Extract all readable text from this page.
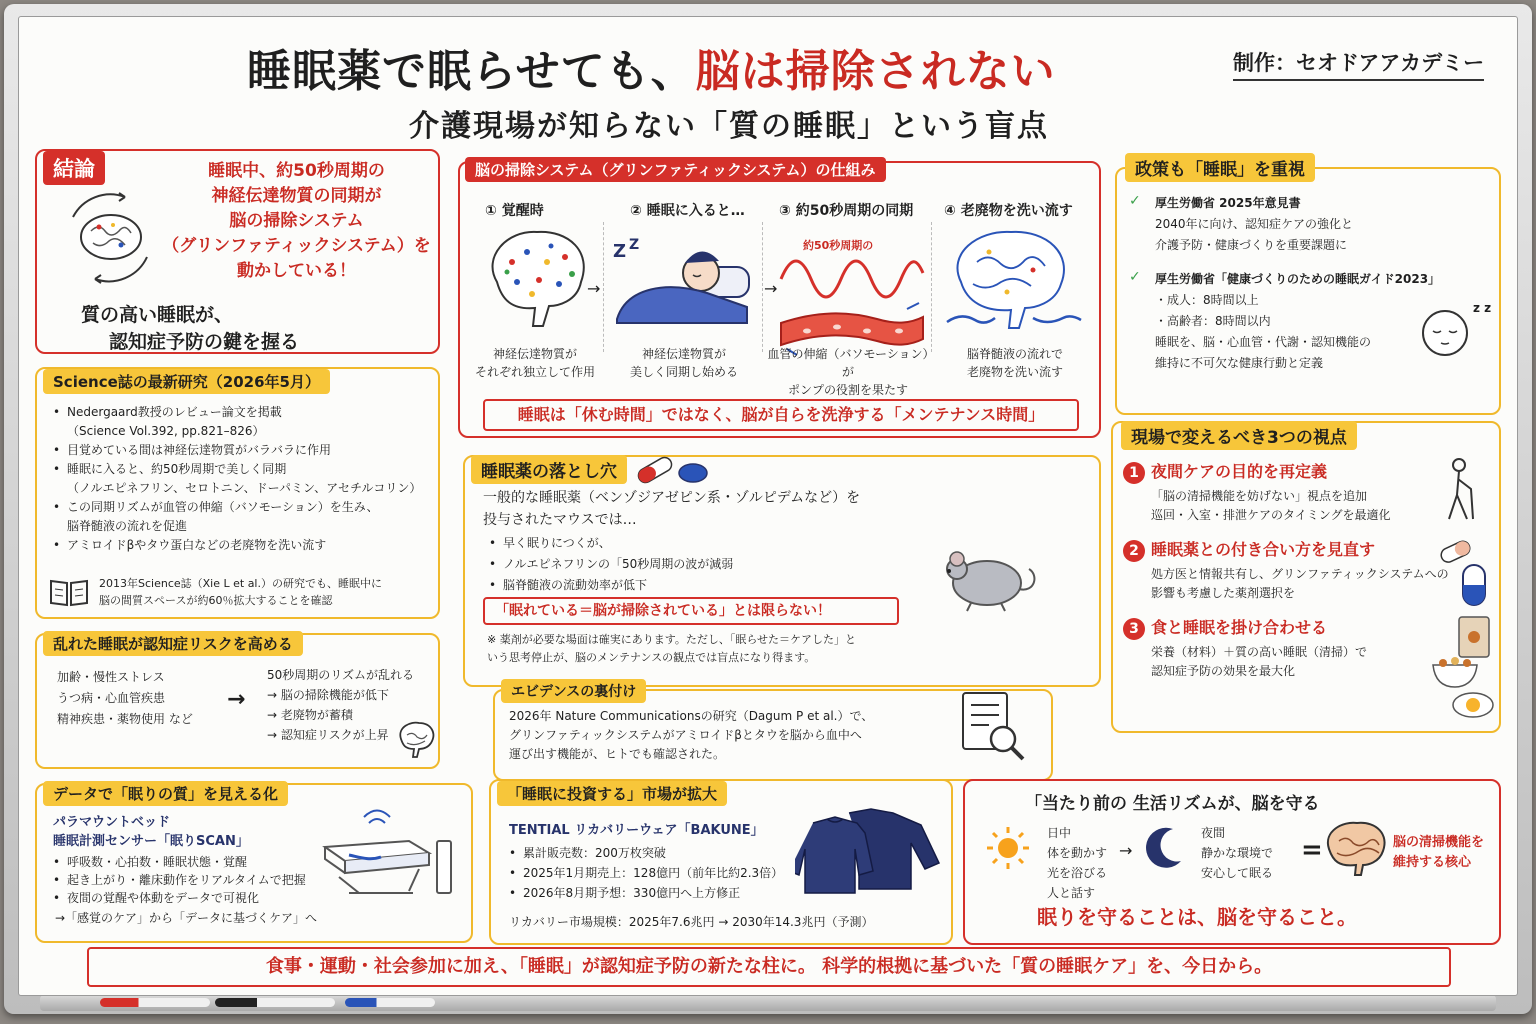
睡眠薬で眠らせても、脳は掃除されない	制作：セオドアアカデミー
介護現場が知らない「質の睡眠」という盲点
結論	睡眠中、約50秒周期の
神経伝達物質の同期が
脳の掃除システム
（グリンファティックシステム）を
動かしている！
質の高い睡眠が、
認知症予防の鍵を握る
脳の掃除システム（グリンファティックシステム）の仕組み
① 覚醒時	② 睡眠に入ると… ③ 約50秒周期の同期 ④ 老廃物を洗い流す
→
Z Z
→
約50秒周期の
神経伝達物質が
それぞれ独立して作用
神経伝達物質が
美しく同期し始める
血管の伸縮（バソモーション）が
ポンプの役割を果たす
脳脊髄液の流れで
老廃物を洗い流す
睡眠は「休む時間」ではなく、脳が自らを洗浄する「メンテナンス時間」
政策も「睡眠」を重視
✓ 厚生労働省 2025年意見書
2040年に向け、認知症ケアの強化と
介護予防・健康づくりを重要課題に
✓ 厚生労働省「健康づくりのための睡眠ガイド2023」
・成人：8時間以上
・高齢者：8時間以内
睡眠を、脳・心血管・代謝・認知機能の
維持に不可欠な健康行動と定義
z z
Science誌の最新研究（2026年5月）
• Nedergaard教授のレビュー論文を掲載
（Science Vol.392, pp.821–826）
• 目覚めている間は神経伝達物質がバラバラに作用
• 睡眠に入ると、約50秒周期で美しく同期
（ノルエピネフリン、セロトニン、ドーパミン、アセチルコリン）
• この同期リズムが血管の伸縮（バソモーション）を生み、
脳脊髄液の流れを促進
• アミロイドβやタウ蛋白などの老廃物を洗い流す
2013年Science誌（Xie L et al.）の研究でも、睡眠中に
脳の間質スペースが約60％拡大することを確認
乱れた睡眠が認知症リスクを高める
加齢・慢性ストレス
うつ病・心血管疾患
精神疾患・薬物使用 など
→
50秒周期のリズムが乱れる
→ 脳の掃除機能が低下
→ 老廃物が蓄積
→ 認知症リスクが上昇
睡眠薬の落とし穴
一般的な睡眠薬（ベンゾジアゼピン系・ゾルピデムなど）を
投与されたマウスでは…
• 早く眠りにつくが、
• ノルエピネフリンの「50秒周期の波が減弱
• 脳脊髄液の流動効率が低下
「眠れている＝脳が掃除されている」とは限らない！
※ 薬剤が必要な場面は確実にあります。ただし、「眠らせた＝ケアした」と
いう思考停止が、脳のメンテナンスの観点では盲点になり得ます。
エビデンスの裏付け
2026年 Nature Communicationsの研究（Dagum P et al.）で、
グリンファティックシステムがアミロイドβとタウを脳から血中へ
運び出す機能が、ヒトでも確認された。
現場で変えるべき3つの視点
1 夜間ケアの目的を再定義
「脳の清掃機能を妨げない」視点を追加
巡回・入室・排泄ケアのタイミングを最適化
2 睡眠薬との付き合い方を見直す
処方医と情報共有し、グリンファティックシステムへの
影響も考慮した薬剤選択を
3 食と睡眠を掛け合わせる
栄養（材料）＋質の高い睡眠（清掃）で
認知症予防の効果を最大化
データで「眠りの質」を見える化
パラマウントベッド
睡眠計測センサー「眠りSCAN」
• 呼吸数・心拍数・睡眠状態・覚醒
• 起き上がり・離床動作をリアルタイムで把握
• 夜間の覚醒や体動をデータで可視化
→「感覚のケア」から「データに基づくケア」へ
「睡眠に投資する」市場が拡大
TENTIAL リカバリーウェア「BAKUNE」
• 累計販売数：200万枚突破
• 2025年1月期売上：128億円（前年比約2.3倍）
• 2026年8月期予想：330億円へ上方修正
リカバリー市場規模：2025年7.6兆円 → 2030年14.3兆円（予測）
「当たり前の 生活リズムが、脳を守る
日中
体を動かす
光を浴びる
人と話す
→
夜間
静かな環境で
安心して眠る
=	脳の清掃機能を
維持する核心
眠りを守ることは、脳を守ること。
食事・運動・社会参加に加え、「睡眠」が認知症予防の新たな柱に。 科学的根拠に基づいた「質の睡眠ケア」を、今日から。
